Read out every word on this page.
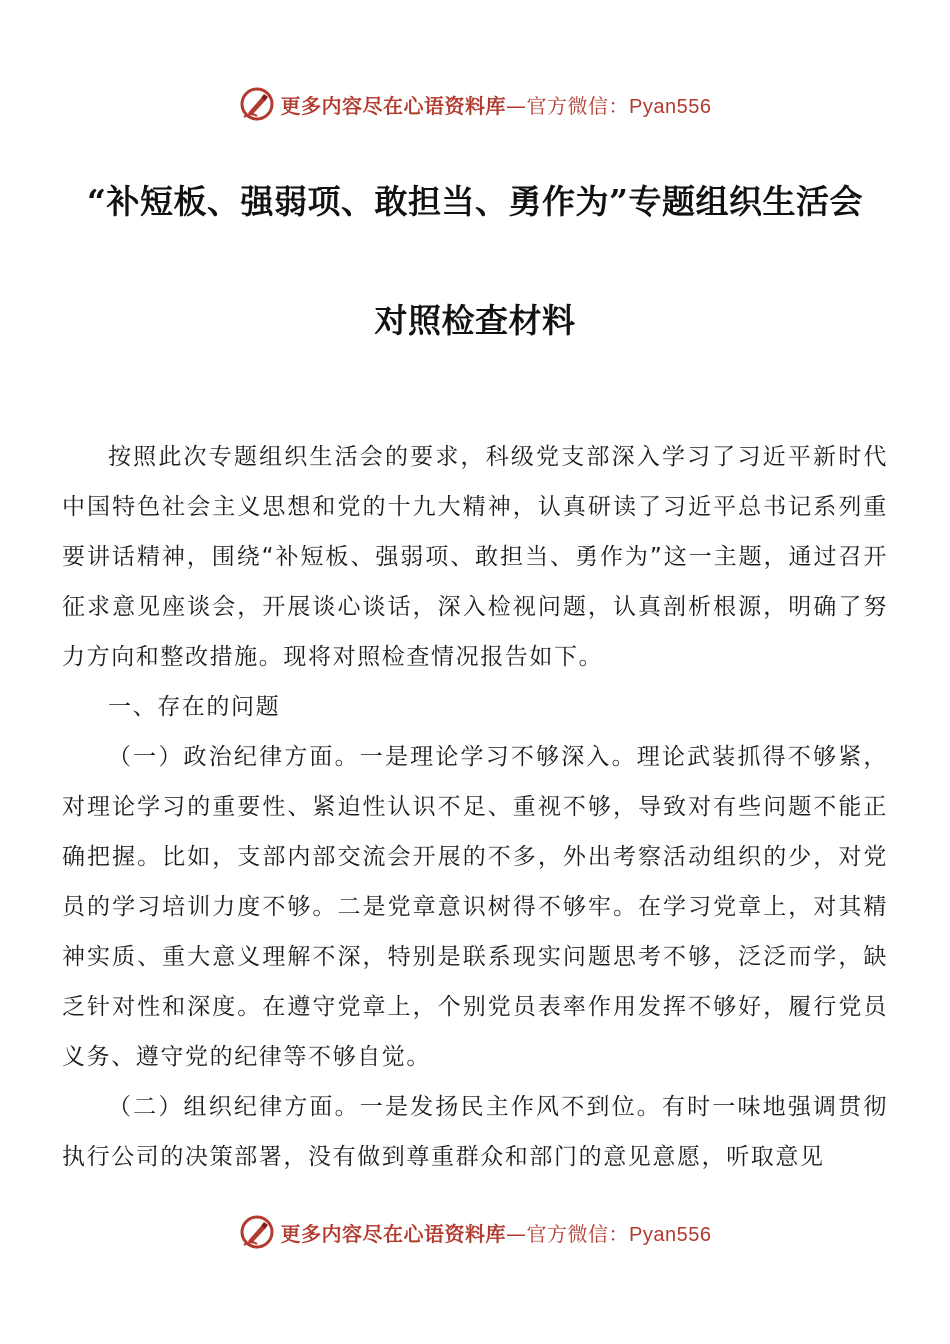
更多内容尽在心语资料库—官方微信：Pyan556
“补短板、强弱项、敢担当、勇作为”专题组织生活会
对照检查材料

按照此次专题组织生活会的要求，科级党支部深入学习了习近平新时代中国特色社会主义思想和党的十九大精神，认真研读了习近平总书记系列重要讲话精神，围绕“补短板、强弱项、敢担当、勇作为”这一主题，通过召开征求意见座谈会，开展谈心谈话，深入检视问题，认真剖析根源，明确了努力方向和整改措施。现将对照检查情况报告如下。

一、存在的问题

（一）政治纪律方面。一是理论学习不够深入。理论武装抓得不够紧，对理论学习的重要性、紧迫性认识不足、重视不够，导致对有些问题不能正确把握。比如，支部内部交流会开展的不多，外出考察活动组织的少，对党员的学习培训力度不够。二是党章意识树得不够牢。在学习党章上，对其精神实质、重大意义理解不深，特别是联系现实问题思考不够，泛泛而学，缺乏针对性和深度。在遵守党章上，个别党员表率作用发挥不够好，履行党员义务、遵守党的纪律等不够自觉。

（二）组织纪律方面。一是发扬民主作风不到位。有时一味地强调贯彻执行公司的决策部署，没有做到尊重群众和部门的意见意愿，听取意见

更多内容尽在心语资料库—官方微信：Pyan556
